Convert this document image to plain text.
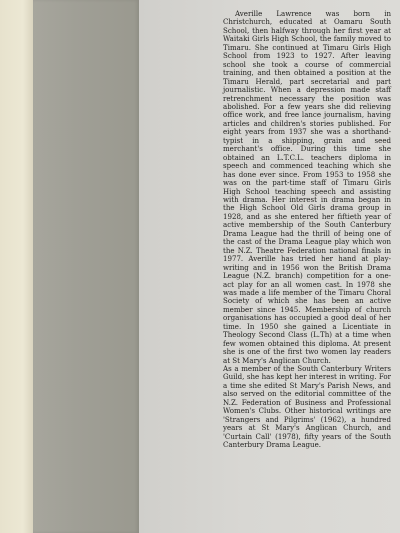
Averille Lawrence was born in Christchurch, educated at Oamaru South School, then halfway through her first year at Waitaki Girls High School, the family moved to Timaru. She continued at Timaru Girls High School from 1923 to 1927. After leaving school she took a course of commercial training, and then obtained a position at the Timaru Herald, part secretarial and part journalistic. When a depression made staff retrenchment necessary the position was abolished. For a few years she did relieving office work, and free lance journalism, having articles and children's stories published. For eight years from 1937 she was a shorthand-typist in a shipping, grain and seed merchant's office. During this time she obtained an L.T.C.L. teachers diploma in speech and commenced teaching which she has done ever since. From 1953 to 1958 she was on the part-time staff of Timaru Girls High School teaching speech and assisting with drama. Her interest in drama began in the High School Old Girls drama group in 1928, and as she entered her fiftieth year of active membership of the South Canterbury Drama League had the thrill of being one of the cast of the Drama League play which won the N.Z. Theatre Federation national finals in 1977. Averille has tried her hand at play-writing and in 1956 won the British Drama League (N.Z. branch) competition for a one-act play for an all women cast. In 1978 she was made a life member of the Timaru Choral Society of which she has been an active member since 1945. Membership of church organisations has occupied a good deal of her time. In 1950 she gained a Licentiate in Theology Second Class (L.Th) at a time when few women obtained this diploma. At present she is one of the first two women lay readers at St Mary's Anglican Church.

As a member of the South Canterbury Writers Guild, she has kept her interest in writing. For a time she edited St Mary's Parish News, and also served on the editorial committee of the N.Z. Federation of Business and Professional Women's Clubs. Other historical writings are 'Strangers and Pilgrims' (1962), a hundred years at St Mary's Anglican Church, and 'Curtain Call' (1978), fifty years of the South Canterbury Drama League.
